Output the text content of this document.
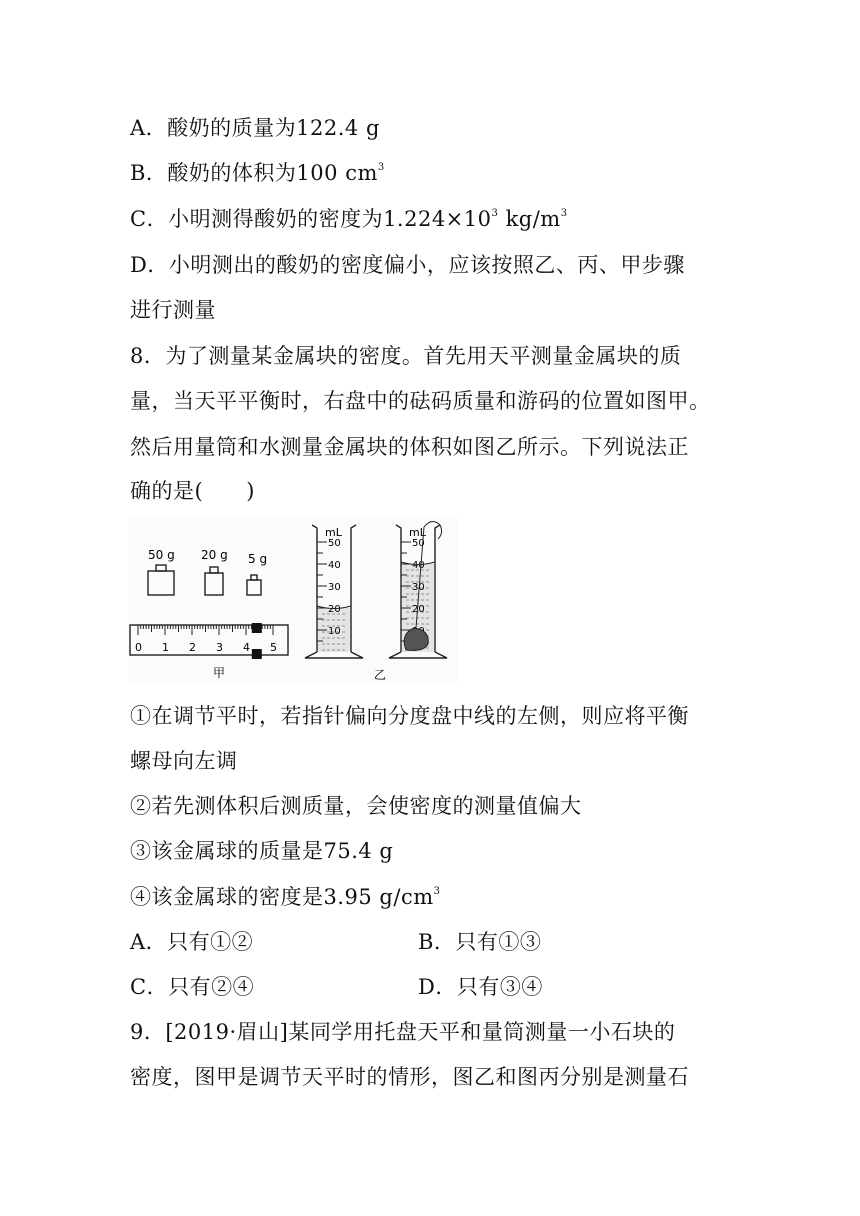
A．酸奶的质量为122.4 g
B．酸奶的体积为100 $cm^3$
C．小明测得酸奶的密度为$1.224\times 10^3$ $kg/m^3$
D．小明测出的酸奶的密度偏小，应该按照乙、丙、甲步骤
进行测量
8．为了测量某金属块的密度。首先用天平测量金属块的质
量，当天平平衡时，右盘中的砝码质量和游码的位置如图甲。
然后用量筒和水测量金属块的体积如图乙所示。下列说法正
确的是(　　)
50 g 20 g 5 g
0 1 2 3 4 5
甲
mL
50
40
30
20
10
mL
50
40
30
20
乙
①在调节平时，若指针偏向分度盘中线的左侧，则应将平衡
螺母向左调
②若先测体积后测质量，会使密度的测量值偏大
③该金属球的质量是75.4 g
④该金属球的密度是3.95 $g/cm^3$
A．只有①②	B．只有①③
C．只有②④	D．只有③④
9．[2019·眉山]某同学用托盘天平和量筒测量一小石块的
密度，图甲是调节天平时的情形，图乙和图丙分别是测量石
